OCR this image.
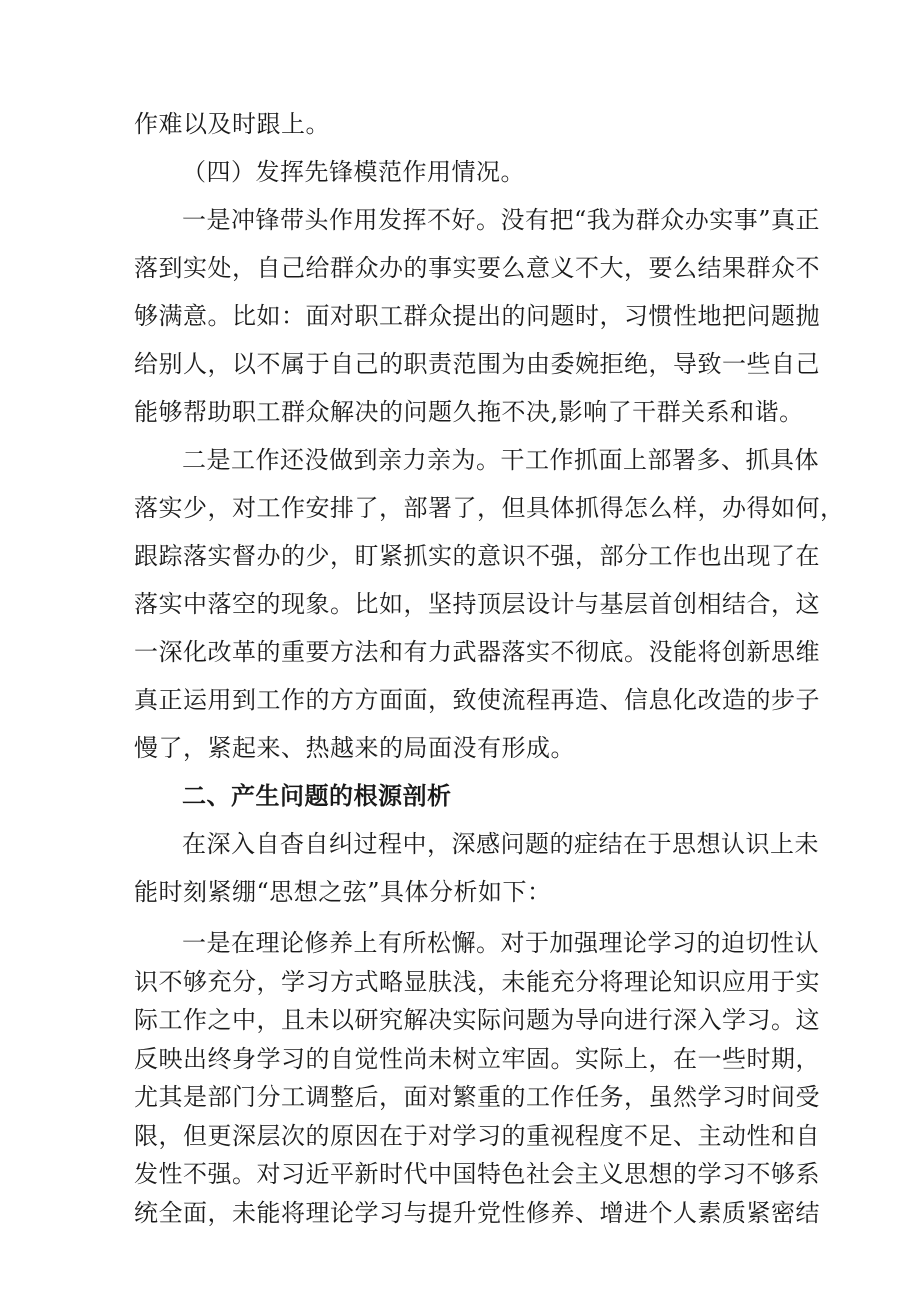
作难以及时跟上。
（四）发挥先锋模范作用情况。
一是冲锋带头作用发挥不好。没有把“我为群众办实事”真正
落到实处，自己给群众办的事实要么意义不大，要么结果群众不
够满意。比如：面对职工群众提出的问题时，习惯性地把问题抛
给别人，以不属于自己的职责范围为由委婉拒绝，导致一些自己
能够帮助职工群众解决的问题久拖不决,影响了干群关系和谐。
二是工作还没做到亲力亲为。干工作抓面上部署多、抓具体
落实少，对工作安排了，部署了，但具体抓得怎么样，办得如何，
跟踪落实督办的少，盯紧抓实的意识不强，部分工作也出现了在
落实中落空的现象。比如，坚持顶层设计与基层首创相结合，这
一深化改革的重要方法和有力武器落实不彻底。没能将创新思维
真正运用到工作的方方面面，致使流程再造、信息化改造的步子
慢了，紧起来、热越来的局面没有形成。
二、产生问题的根源剖析
在深入自杳自纠过程中，深感问题的症结在于思想认识上未
能时刻紧绷“思想之弦”具体分析如下：
一是在理论修养上有所松懈。对于加强理论学习的迫切性认
识不够充分，学习方式略显肤浅，未能充分将理论知识应用于实
际工作之中，且未以研究解决实际问题为导向进行深入学习。这
反映出终身学习的自觉性尚未树立牢固。实际上，在一些时期，
尤其是部门分工调整后，面对繁重的工作任务，虽然学习时间受
限，但更深层次的原因在于对学习的重视程度不足、主动性和自
发性不强。对习近平新时代中国特色社会主义思想的学习不够系
统全面，未能将理论学习与提升党性修养、增进个人素质紧密结
